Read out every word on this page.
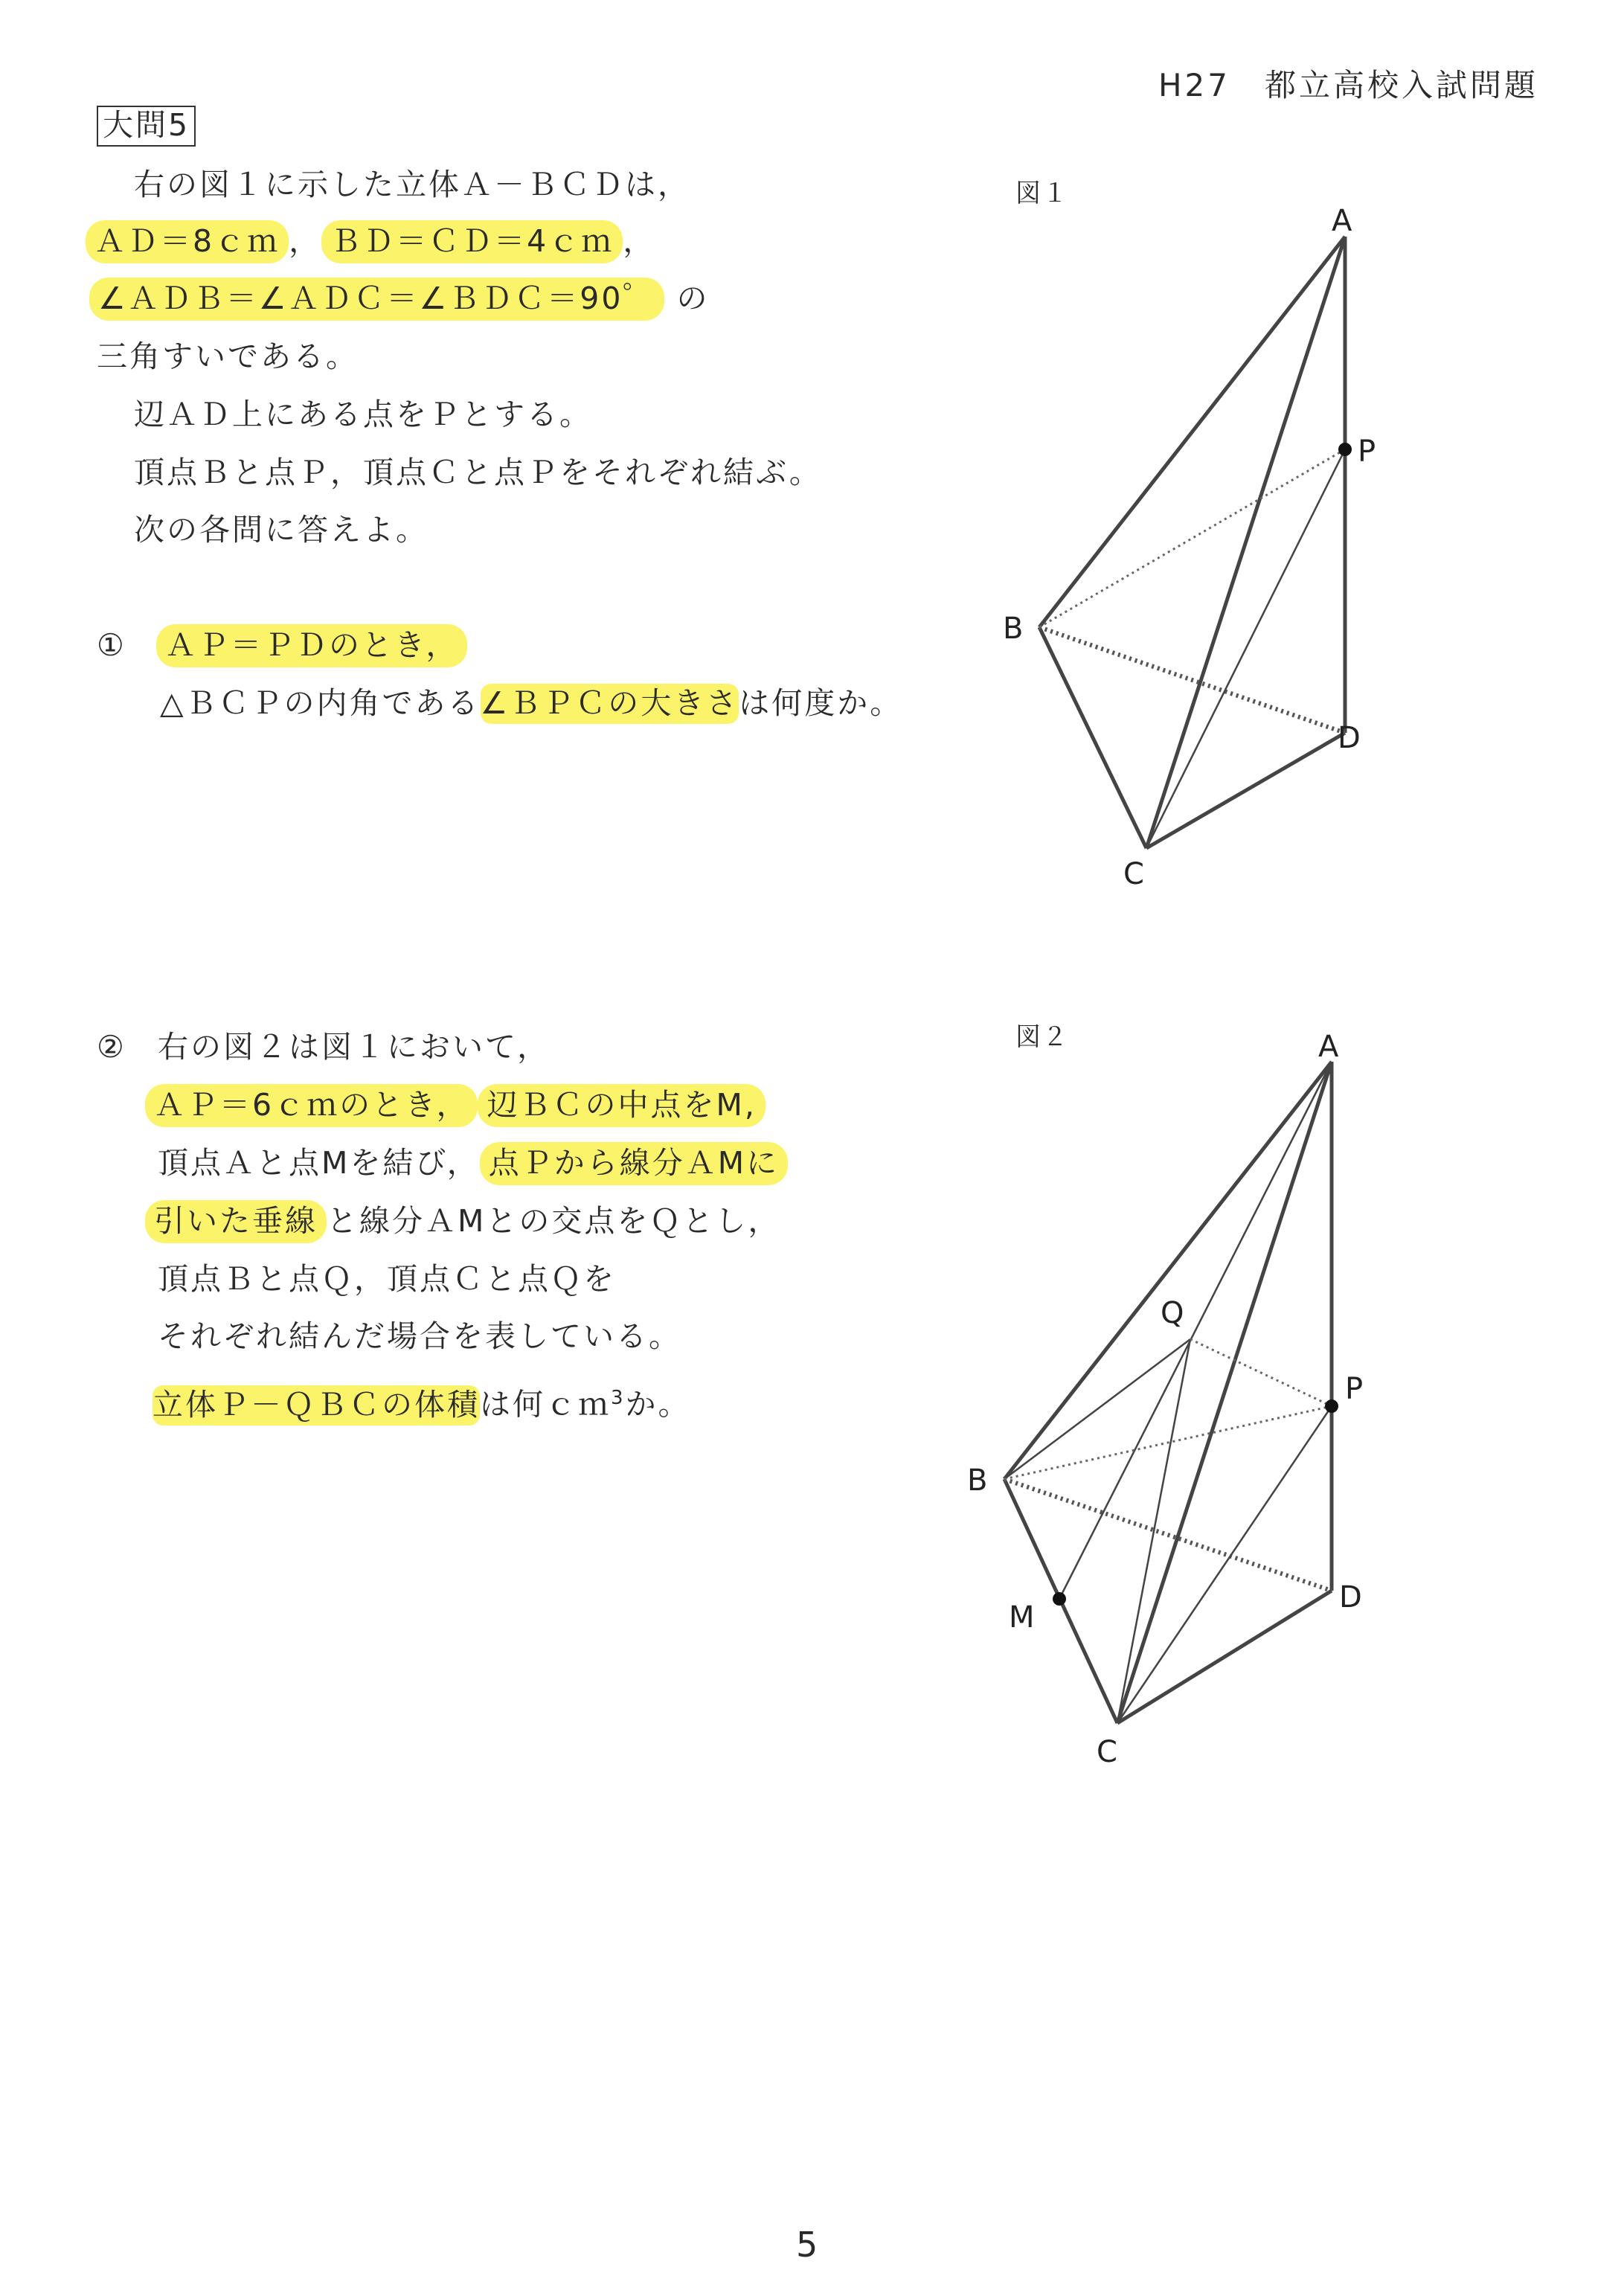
H27　都立高校入試問題
大問5
右の図１に示した立体Ａ－ＢＣＤは，
ＡＤ＝8ｃｍ ， ＢＤ＝ＣＤ＝4ｃｍ ，
∠ＡＤＢ＝∠ＡＤＣ＝∠ＢＤＣ＝90゜ の
三角すいである。
辺ＡＤ上にある点をＰとする。
頂点Ｂと点Ｐ，頂点Ｃと点Ｐをそれぞれ結ぶ。
次の各問に答えよ。
① ＡＰ＝ＰＤのとき，
△ＢＣＰの内角である∠ＢＰＣの大きさは何度か。
② 右の図２は図１において，
ＡＰ＝6ｃｍのとき， 辺ＢＣの中点をM,
頂点Ａと点Mを結び， 点Ｐから線分ＡMに
引いた垂線 と線分ＡMとの交点をＱとし，
頂点Ｂと点Ｑ，頂点Ｃと点Ｑを
それぞれ結んだ場合を表している。
立体Ｐ－ＱＢＣの体積は何ｃｍ$^3$か。
図１
図２
A
P
B
D
C
A
Q
P
B
D
M
C
5
